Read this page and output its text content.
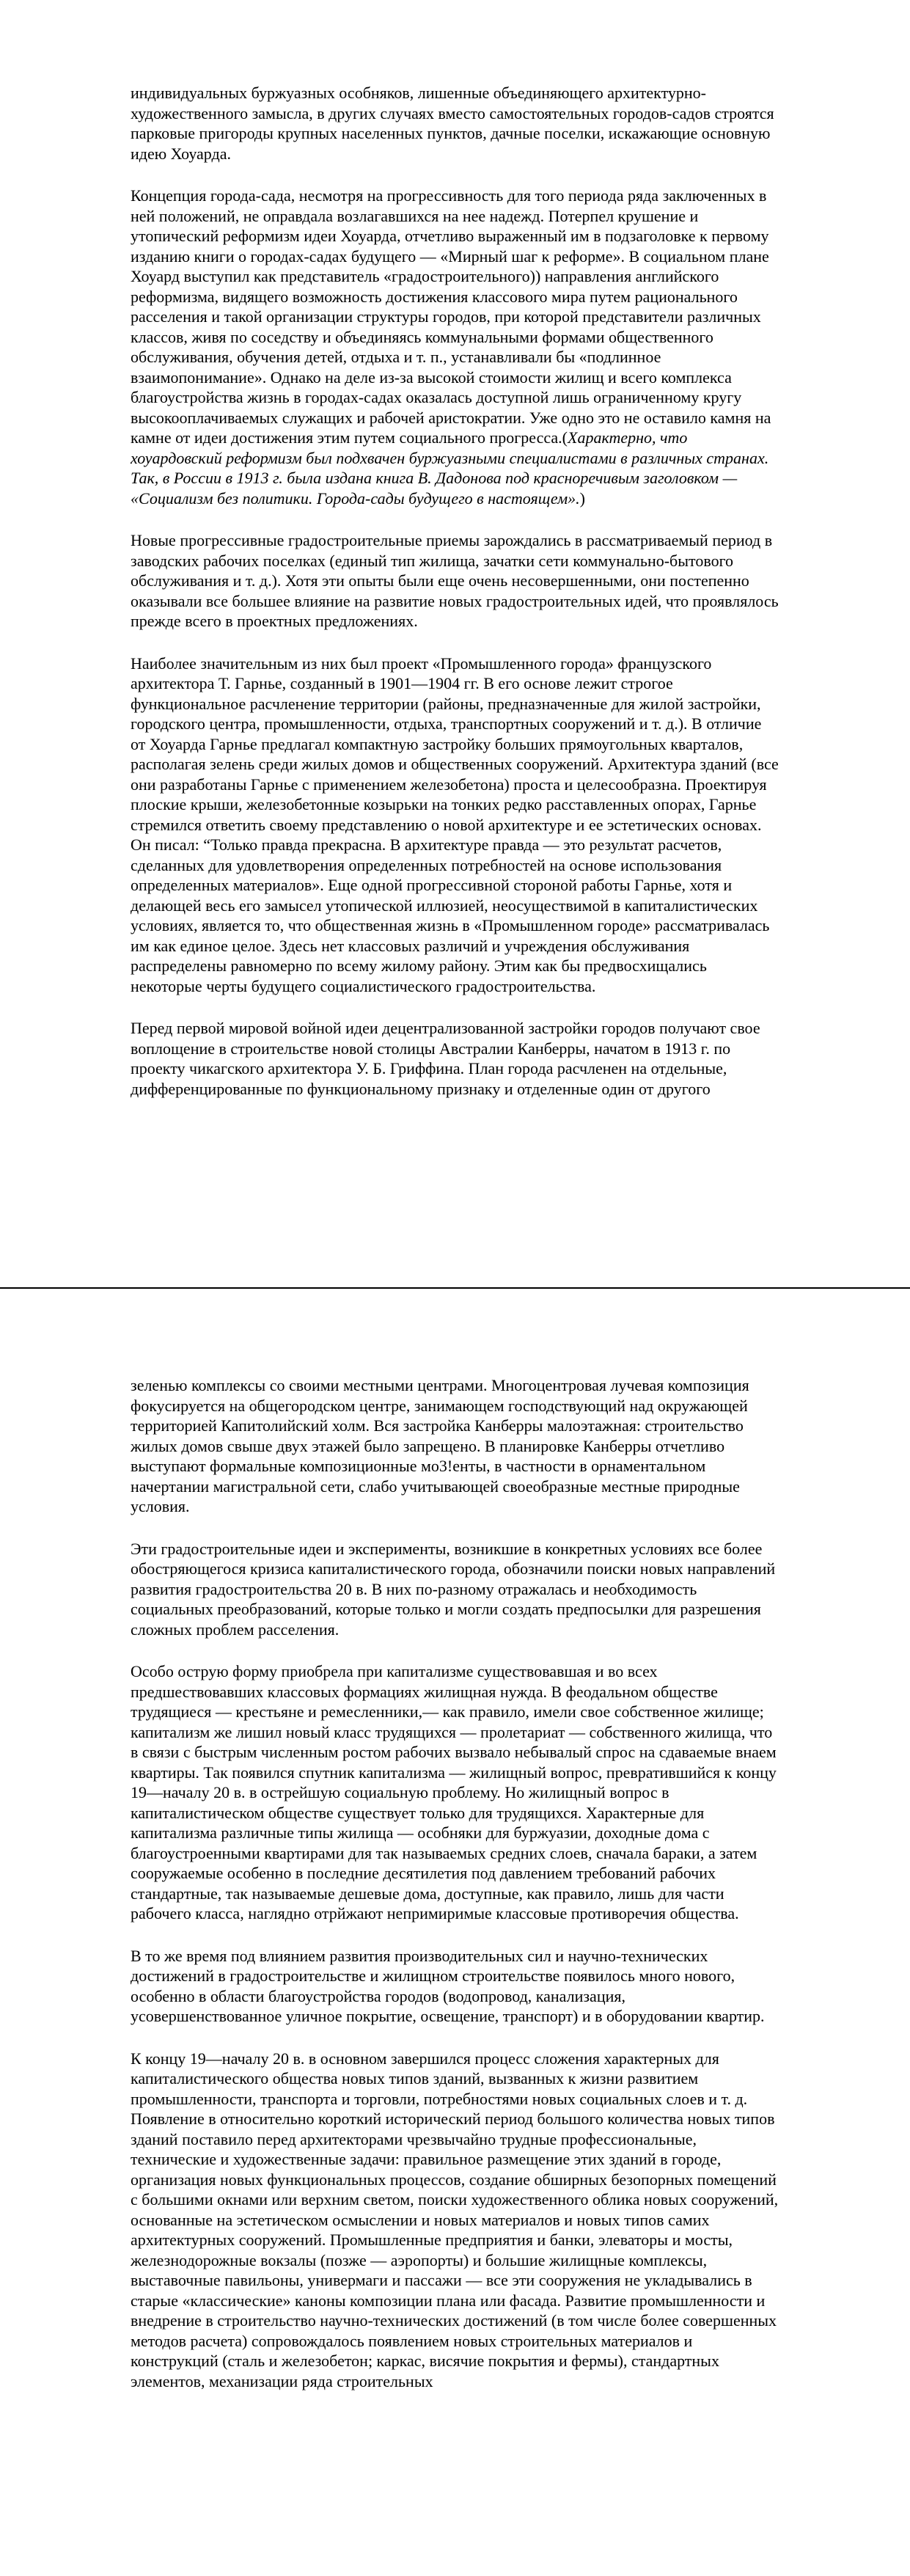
индивидуальных буржуазных особняков, лишенные объединяющего архитектурно-художественного замысла, в других случаях вместо самостоятельных городов-садов строятся парковые пригороды крупных населенных пунктов, дачные поселки, искажающие основную идею Хоуарда.

Концепция города-сада, несмотря на прогрессивность для того периода ряда заключенных в ней положений, не оправдала возлагавшихся на нее надежд. Потерпел крушение и утопический реформизм идеи Хоуарда, отчетливо выраженный им в подзаголовке к первому изданию книги о городах-садах будущего — «Мирный шаг к реформе». В социальном плане Хоуард выступил как представитель «градостроительного)) направления английского реформизма, видящего возможность достижения классового мира путем рационального расселения и такой организации структуры городов, при которой представители различных классов, живя по соседству и объединяясь коммунальными формами общественного обслуживания, обучения детей, отдыха и т. п., устанавливали бы «подлинное взаимопонимание». Однако на деле из-за высокой стоимости жилищ и всего комплекса благоустройства жизнь в городах-садах оказалась доступной лишь ограниченному кругу высокооплачиваемых служащих и рабочей аристократии. Уже одно это не оставило камня на камне от идеи достижения этим путем социального прогресса.(Характерно, что хоуардовский реформизм был подхвачен буржуазными специалистами в различных странах. Так, в России в 1913 г. была издана книга В. Дадонова под красноречивым заголовком — «Социализм без политики. Города-сады будущего в настоящем».)

Новые прогрессивные градостроительные приемы зарождались в рассматриваемый период в заводских рабочих поселках (единый тип жилища, зачатки сети коммунально-бытового обслуживания и т. д.). Хотя эти опыты были еще очень несовершенными, они постепенно оказывали все большее влияние на развитие новых градостроительных идей, что проявлялось прежде всего в проектных предложениях.

Наиболее значительным из них был проект «Промышленного города» французского архитектора Т. Гарнье, созданный в 1901—1904 гг. В его основе лежит строгое функциональное расчленение территории (районы, предназначенные для жилой застройки, городского центра, промышленности, отдыха, транспортных сооружений и т. д.). В отличие от Хоуарда Гарнье предлагал компактную застройку больших прямоугольных кварталов, располагая зелень среди жилых домов и общественных сооружений. Архитектура зданий (все они разработаны Гарнье с применением железобетона) проста и целесообразна. Проектируя плоские крыши, железобетонные козырьки на тонких редко расставленных опорах, Гарнье стремился ответить своему представлению о новой архитектуре и ее эстетических основах. Он писал: “Только правда прекрасна. В архитектуре правда — это результат расчетов, сделанных для удовлетворения определенных потребностей на основе использования определенных материалов». Еще одной прогрессивной стороной работы Гарнье, хотя и делающей весь его замысел утопической иллюзией, неосуществимой в капиталистических условиях, является то, что общественная жизнь в «Промышленном городе» рассматривалась им как единое целое. Здесь нет классовых различий и учреждения обслуживания распределены равномерно по всему жилому району. Этим как бы предвосхищались некоторые черты будущего социалистического градостроительства.

Перед первой мировой войной идеи децентрализованной застройки городов получают свое воплощение в строительстве новой столицы Австралии Канберры, начатом в 1913 г. по проекту чикагского архитектора У. Б. Гриффина. План города расчленен на отдельные, дифференцированные по функциональному признаку и отделенные один от другого

зеленью комплексы со своими местными центрами. Многоцентровая лучевая композиция фокусируется на общегородском центре, занимающем господствующий над окружающей территорией Капитолийский холм. Вся застройка Канберры малоэтажная: строительство жилых домов свыше двух этажей было запрещено. В планировке Канберры отчетливо выступают формальные композиционные мо3!енты, в частности в орнаментальном начертании магистральной сети, слабо учитывающей своеобразные местные природные условия.

Эти градостроительные идеи и эксперименты, возникшие в конкретных условиях все более обостряющегося кризиса капиталистического города, обозначили поиски новых направлений развития градостроительства 20 в. В них по-разному отражалась и необходимость социальных преобразований, которые только и могли создать предпосылки для разрешения сложных проблем расселения.

Особо острую форму приобрела при капитализме существовавшая и во всех предшествовавших классовых формациях жилищная нужда. В феодальном обществе трудящиеся — крестьяне и ремесленники,— как правило, имели свое собственное жилище; капитализм же лишил новый класс трудящихся — пролетариат — собственного жилища, что в связи с быстрым численным ростом рабочих вызвало небывалый спрос на сдаваемые внаем квартиры. Так появился спутник капитализма — жилищный вопрос, превратившийся к концу 19—началу 20 в. в острейшую социальную проблему. Но жилищный вопрос в капиталистическом обществе существует только для трудящихся. Характерные для капитализма различные типы жилища — особняки для буржуазии, доходные дома с благоустроенными квартирами для так называемых средних слоев, сначала бараки, а затем сооружаемые особенно в последние десятилетия под давлением требований рабочих стандартные, так называемые дешевые дома, доступные, как правило, лишь для части рабочего класса, наглядно отрйжают непримиримые классовые противоречия общества.

В то же время под влиянием развития производительных сил и научно-технических достижений в градостроительстве и жилищном строительстве появилось много нового, особенно в области благоустройства городов (водопровод, канализация, усовершенствованное уличное покрытие, освещение, транспорт) и в оборудовании квартир.

К концу 19—началу 20 в. в основном завершился процесс сложения характерных для капиталистического общества новых типов зданий, вызванных к жизни развитием промышленности, транспорта и торговли, потребностями новых социальных слоев и т. д. Появление в относительно короткий исторический период большого количества новых типов зданий поставило перед архитекторами чрезвычайно трудные профессиональные, технические и художественные задачи: правильное размещение этих зданий в городе, организация новых функциональных процессов, создание обширных безопорных помещений с большими окнами или верхним светом, поиски художественного облика новых сооружений, основанные на эстетическом осмыслении и новых материалов и новых типов самих архитектурных сооружений. Промышленные предприятия и банки, элеваторы и мосты, железнодорожные вокзалы (позже — аэропорты) и большие жилищные комплексы, выставочные павильоны, универмаги и пассажи — все эти сооружения не укладывались в старые «классические» каноны композиции плана или фасада. Развитие промышленности и внедрение в строительство научно-технических достижений (в том числе более совершенных методов расчета) сопровождалось появлением новых строительных материалов и конструкций (сталь и железобетон; каркас, висячие покрытия и фермы), стандартных элементов, механизации ряда строительных
